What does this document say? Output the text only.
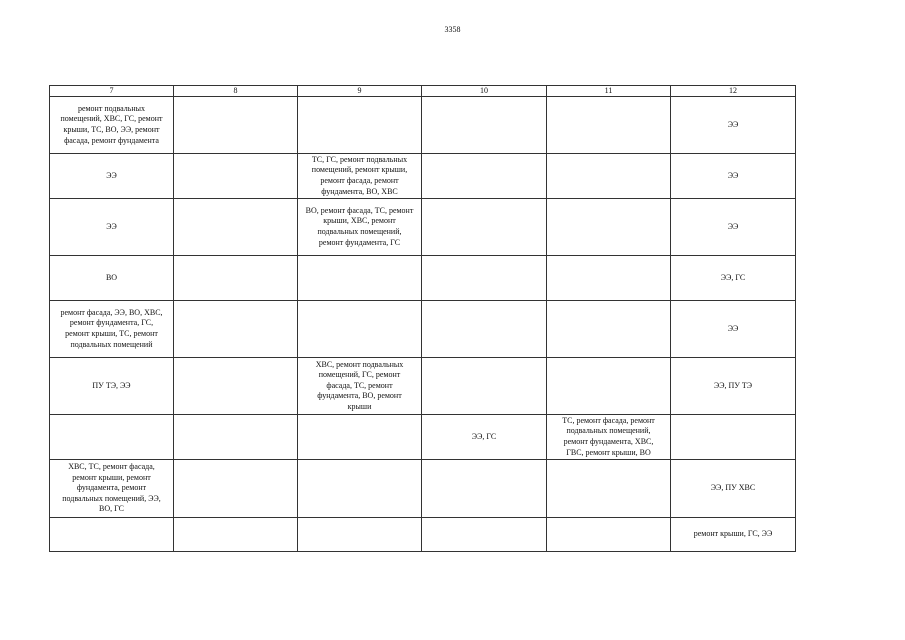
3358
7	8	9	10	11	12

ремонт подвальных
помещений, ХВС, ГС, ремонт
крыши, ТС, ВО, ЭЭ, ремонт
фасада, ремонт фундамента					ЭЭ

ЭЭ		ТС, ГС, ремонт подвальных
помещений, ремонт крыши,
ремонт фасада, ремонт
фундамента, ВО, ХВС			ЭЭ

ЭЭ		ВО, ремонт фасада, ТС, ремонт
крыши, ХВС, ремонт
подвальных помещений,
ремонт фундамента, ГС			ЭЭ

ВО					ЭЭ, ГС

ремонт фасада, ЭЭ, ВО, ХВС,
ремонт фундамента, ГС,
ремонт крыши, ТС, ремонт
подвальных помещений					ЭЭ

ПУ ТЭ, ЭЭ		ХВС, ремонт подвальных
помещений, ГС, ремонт
фасада, ТС, ремонт
фундамента, ВО, ремонт
крыши			ЭЭ, ПУ ТЭ

			ЭЭ, ГС	ТС, ремонт фасада, ремонт
подвальных помещений,
ремонт фундамента, ХВС,
ГВС, ремонт крыши, ВО	

ХВС, ТС, ремонт фасада,
ремонт крыши, ремонт
фундамента, ремонт
подвальных помещений, ЭЭ,
ВО, ГС					ЭЭ, ПУ ХВС

					ремонт крыши, ГС, ЭЭ
